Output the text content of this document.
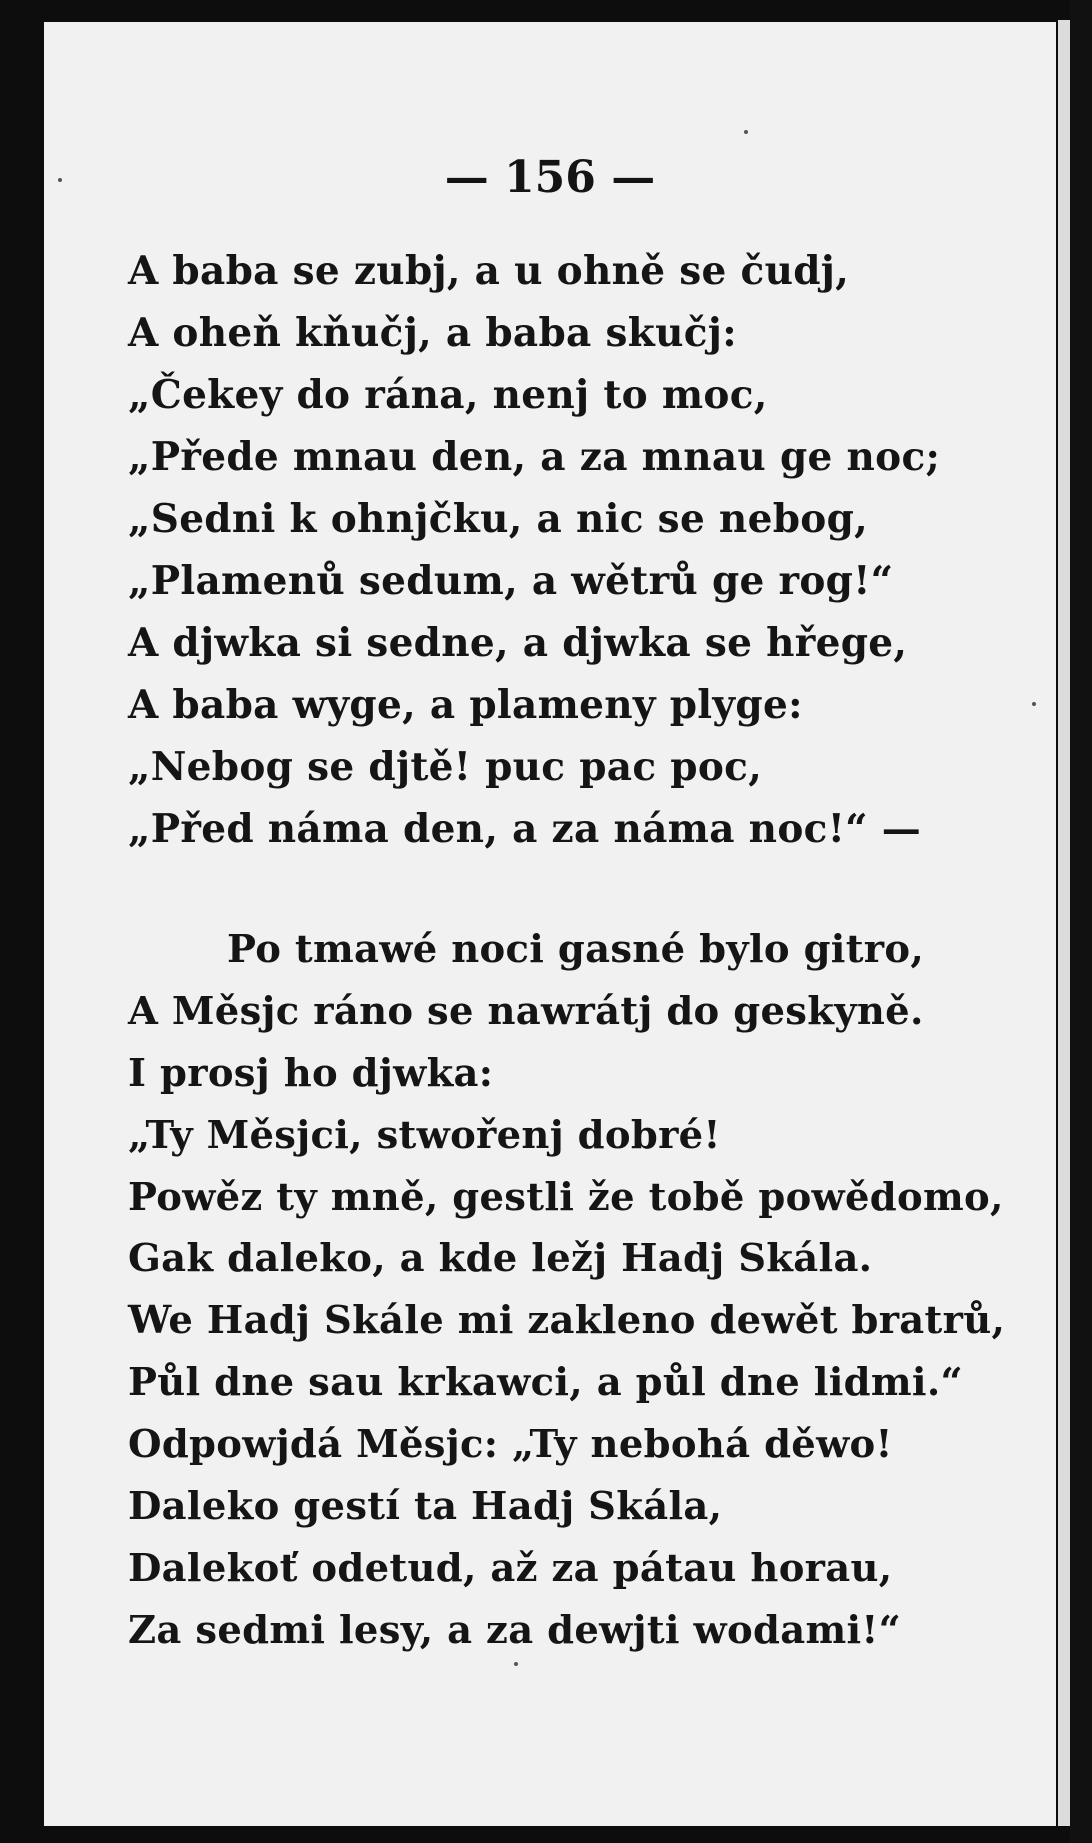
— 156 —
A baba se zubj, a u ohně se čudj,
A oheň kňučj, a baba skučj:
„Čekey do rána, nenj to moc,
„Přede mnau den, a za mnau ge noc;
„Sedni k ohnjčku, a nic se nebog,
„Plamenů sedum, a wětrů ge rog!“
A djwka si sedne, a djwka se hřege,
A baba wyge, a plameny plyge:
„Nebog se djtě! puc pac poc,
„Před náma den, a za náma noc!“ —
Po tmawé noci gasné bylo gitro,
A Měsjc ráno se nawrátj do geskyně.
I prosj ho djwka:
„Ty Měsjci, stwořenj dobré!
Powěz ty mně, gestli že tobě powědomo,
Gak daleko, a kde ležj Hadj Skála.
We Hadj Skále mi zakleno dewět bratrů,
Půl dne sau krkawci, a půl dne lidmi.“
Odpowjdá Měsjc: „Ty nebohá děwo!
Daleko gestí ta Hadj Skála,
Dalekoť odetud, až za pátau horau,
Za sedmi lesy, a za dewjti wodami!“
